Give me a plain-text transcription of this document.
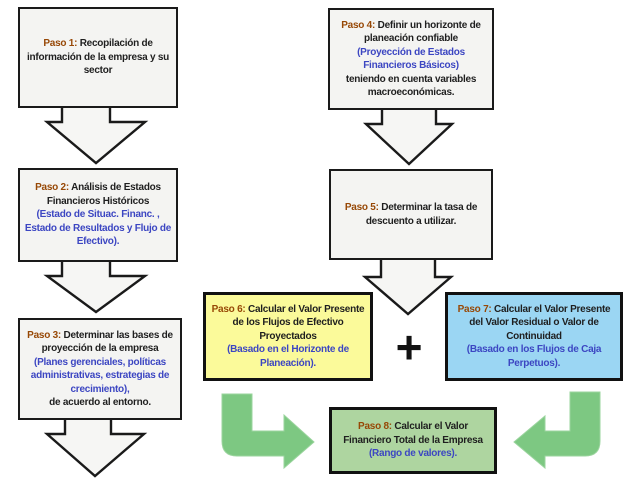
Paso 1: Recopilación de información de la empresa y su sector
Paso 2: Análisis de Estados Financieros Históricos
(Estado de Situac. Financ. , Estado de Resultados y Flujo de Efectivo).
Paso 3: Determinar las bases de proyección de la empresa
(Planes gerenciales, políticas administrativas, estrategias de crecimiento),
de acuerdo al entorno.
Paso 4: Definir un horizonte de planeación confiable
(Proyección de Estados Financieros Básicos)
teniendo en cuenta variables macroeconómicas.
Paso 5: Determinar la tasa de descuento a utilizar.
Paso 6: Calcular el Valor Presente de los Flujos de Efectivo Proyectados
(Basado en el Horizonte de Planeación).	+
Paso 7: Calcular el Valor Presente del Valor Residual o Valor de Continuidad
(Basado en los Flujos de Caja Perpetuos).
Paso 8: Calcular el Valor Financiero Total de la Empresa
(Rango de valores).
